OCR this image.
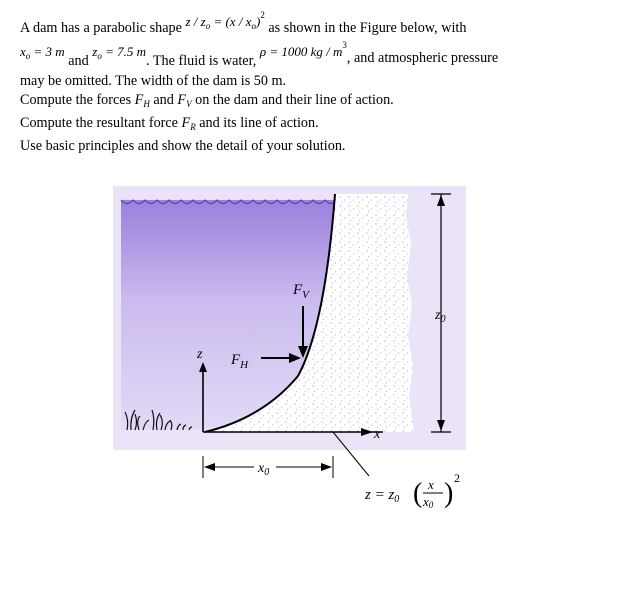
A dam has a parabolic shape $z / z_o = (x / x_o)^2$ as shown in the Figure below, with
$x_o = 3$ m and $z_o = 7.5$ m. The fluid is water, ρ = 1000 kg / $m^3$, and atmospheric pressure
may be omitted. The width of the dam is 50 m.
Compute the forces $F_H$ and $F_V$ on the dam and their line of action.
Compute the resultant force $F_R$ and its line of action.
Use basic principles and show the detail of your solution.
z
x
$F_V$
$F_H$
$z_0$
$x_0$
$z = z_0$ ( x
x0 ) 2
